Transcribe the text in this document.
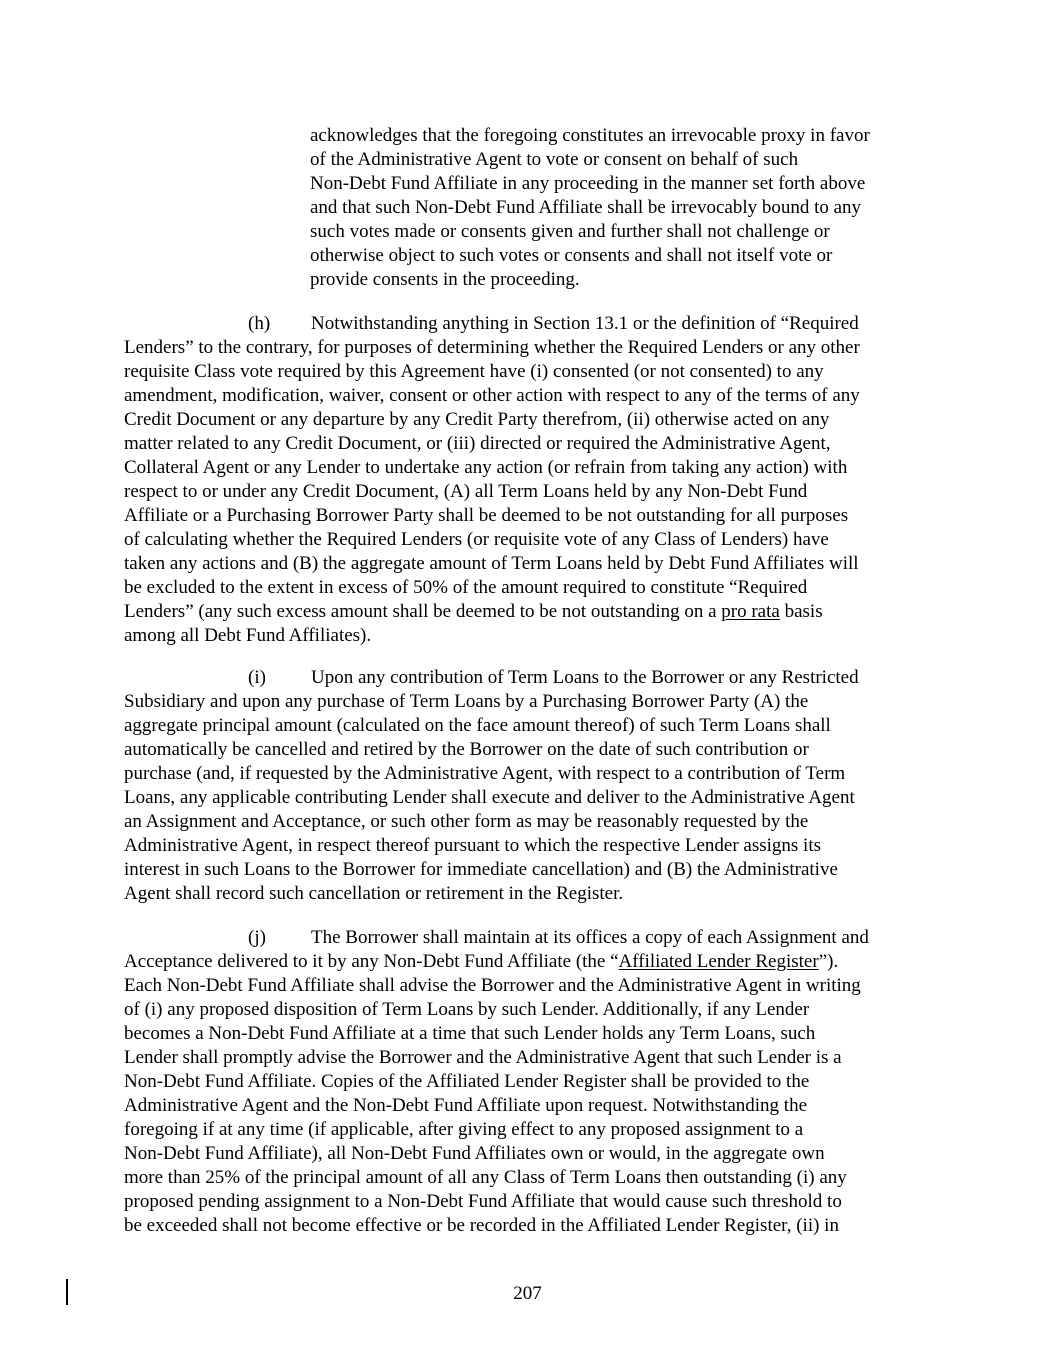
acknowledges that the foregoing constitutes an irrevocable proxy in favor
of the Administrative Agent to vote or consent on behalf of such
Non-Debt Fund Affiliate in any proceeding in the manner set forth above
and that such Non-Debt Fund Affiliate shall be irrevocably bound to any
such votes made or consents given and further shall not challenge or
otherwise object to such votes or consents and shall not itself vote or
provide consents in the proceeding.
(h) Notwithstanding anything in Section 13.1 or the definition of “Required
Lenders” to the contrary, for purposes of determining whether the Required Lenders or any other
requisite Class vote required by this Agreement have (i) consented (or not consented) to any
amendment, modification, waiver, consent or other action with respect to any of the terms of any
Credit Document or any departure by any Credit Party therefrom, (ii) otherwise acted on any
matter related to any Credit Document, or (iii) directed or required the Administrative Agent,
Collateral Agent or any Lender to undertake any action (or refrain from taking any action) with
respect to or under any Credit Document, (A) all Term Loans held by any Non-Debt Fund
Affiliate or a Purchasing Borrower Party shall be deemed to be not outstanding for all purposes
of calculating whether the Required Lenders (or requisite vote of any Class of Lenders) have
taken any actions and (B) the aggregate amount of Term Loans held by Debt Fund Affiliates will
be excluded to the extent in excess of 50% of the amount required to constitute “Required
Lenders” (any such excess amount shall be deemed to be not outstanding on a pro rata basis
among all Debt Fund Affiliates).
(i) Upon any contribution of Term Loans to the Borrower or any Restricted
Subsidiary and upon any purchase of Term Loans by a Purchasing Borrower Party (A) the
aggregate principal amount (calculated on the face amount thereof) of such Term Loans shall
automatically be cancelled and retired by the Borrower on the date of such contribution or
purchase (and, if requested by the Administrative Agent, with respect to a contribution of Term
Loans, any applicable contributing Lender shall execute and deliver to the Administrative Agent
an Assignment and Acceptance, or such other form as may be reasonably requested by the
Administrative Agent, in respect thereof pursuant to which the respective Lender assigns its
interest in such Loans to the Borrower for immediate cancellation) and (B) the Administrative
Agent shall record such cancellation or retirement in the Register.
(j) The Borrower shall maintain at its offices a copy of each Assignment and
Acceptance delivered to it by any Non-Debt Fund Affiliate (the “Affiliated Lender Register”).
Each Non-Debt Fund Affiliate shall advise the Borrower and the Administrative Agent in writing
of (i) any proposed disposition of Term Loans by such Lender. Additionally, if any Lender
becomes a Non-Debt Fund Affiliate at a time that such Lender holds any Term Loans, such
Lender shall promptly advise the Borrower and the Administrative Agent that such Lender is a
Non-Debt Fund Affiliate. Copies of the Affiliated Lender Register shall be provided to the
Administrative Agent and the Non-Debt Fund Affiliate upon request. Notwithstanding the
foregoing if at any time (if applicable, after giving effect to any proposed assignment to a
Non-Debt Fund Affiliate), all Non-Debt Fund Affiliates own or would, in the aggregate own
more than 25% of the principal amount of all any Class of Term Loans then outstanding (i) any
proposed pending assignment to a Non-Debt Fund Affiliate that would cause such threshold to
be exceeded shall not become effective or be recorded in the Affiliated Lender Register, (ii) in
207
